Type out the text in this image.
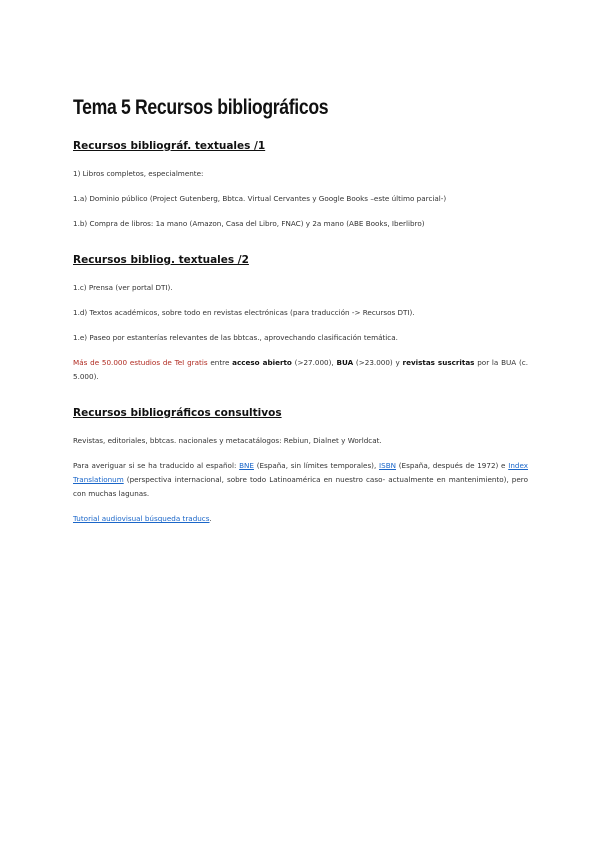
Tema 5 Recursos bibliográficos
Recursos bibliográf. textuales /1
1) Libros completos, especialmente:
1.a) Dominio público (Project Gutenberg, Bbtca. Virtual Cervantes y Google Books –este último parcial-)
1.b) Compra de libros: 1a mano (Amazon, Casa del Libro, FNAC) y 2a mano (ABE Books, Iberlibro)
Recursos bibliog. textuales /2
1.c) Prensa (ver portal DTI).
1.d) Textos académicos, sobre todo en revistas electrónicas (para traducción -> Recursos DTI).
1.e) Paseo por estanterías relevantes de las bbtcas., aprovechando clasificación temática.
Más de 50.000 estudios de TeI gratis entre acceso abierto (>27.000), BUA (>23.000) y revistas suscritas por la BUA (c. 5.000).
Recursos bibliográficos consultivos
Revistas, editoriales, bbtcas. nacionales y metacatálogos: Rebiun, Dialnet y Worldcat.
Para averiguar si se ha traducido al español: BNE (España, sin límites temporales), ISBN (España, después de 1972) e Index Translationum (perspectiva internacional, sobre todo Latinoamérica en nuestro caso- actualmente en mantenimiento), pero con muchas lagunas.
Tutorial audiovisual búsqueda traducs.
